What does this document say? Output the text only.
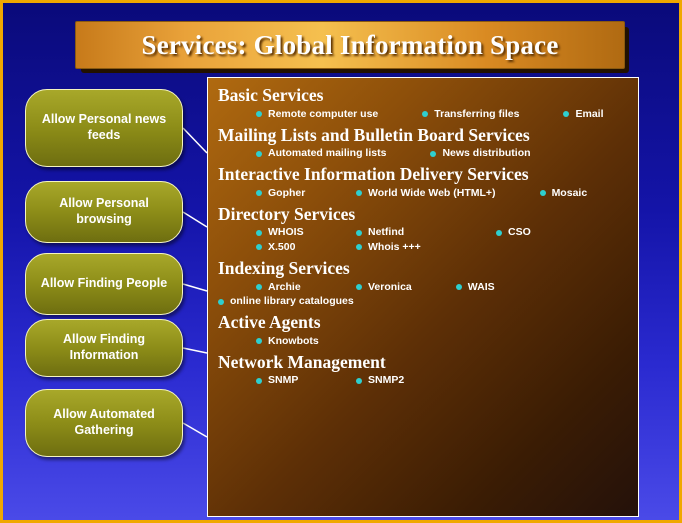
Services: Global Information Space
Allow Personal news feeds
Allow Personal browsing
Allow Finding People
Allow Finding Information
Allow Automated Gathering
Basic Services
Remote computer use	Transferring files	Email
Mailing Lists and Bulletin Board Services
Automated mailing lists	News distribution
Interactive Information Delivery Services
Gopher	World Wide Web (HTML+)	Mosaic
Directory Services
WHOIS	Netfind	CSO
X.500	Whois +++
Indexing Services
Archie	Veronica	WAIS
online library catalogues
Active Agents
Knowbots
Network Management
SNMP	SNMP2
